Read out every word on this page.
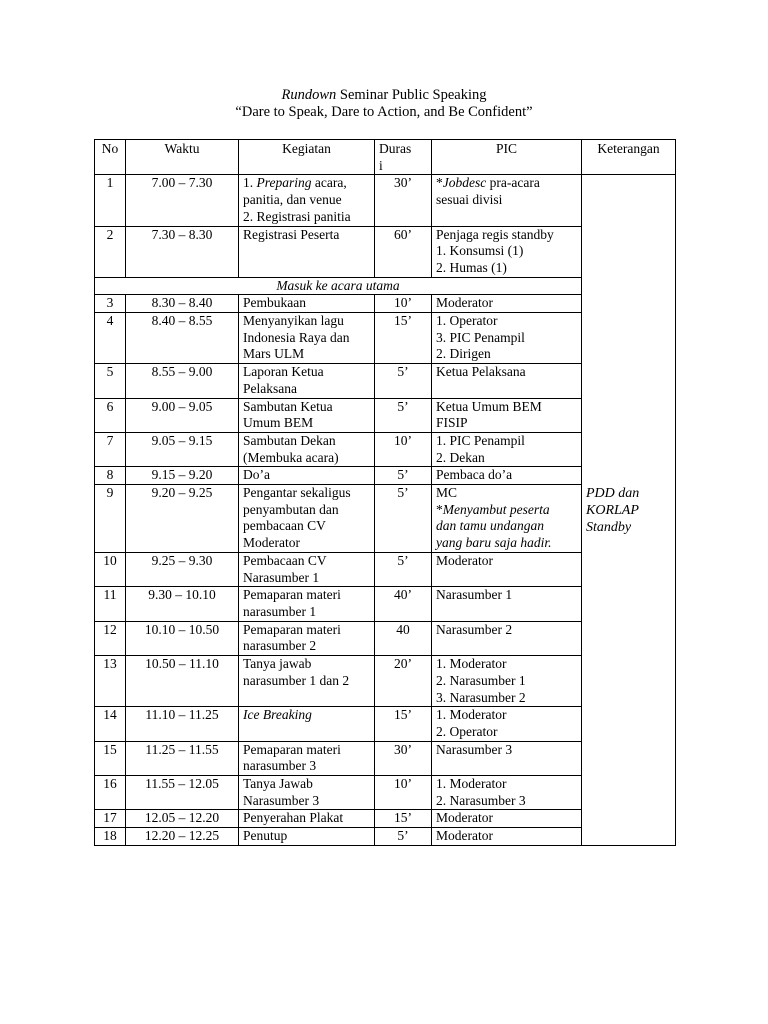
Rundown Seminar Public Speaking
“Dare to Speak, Dare to Action, and Be Confident”
No	Waktu	Kegiatan	Duras
i	PIC	Keterangan
1	7.00 – 7.30	1. Preparing acara,
panitia, dan venue
2. Registrasi panitia	30’	*Jobdesc pra-acara
sesuai divisi	PDD dan
KORLAP
Standby

2	7.30 – 8.30	Registrasi Peserta	60’	Penjaga regis standby
1. Konsumsi (1)
2. Humas (1)	

Masuk ke acara utama					
3	8.30 – 8.40	Pembukaan	10’	Moderator	
4	8.40 – 8.55	Menyanyikan lagu
Indonesia Raya dan
Mars ULM	15’	1. Operator
3. PIC Penampil
2. Dirigen	

5	8.55 – 9.00	Laporan Ketua
Pelaksana	5’	Ketua Pelaksana	
6	9.00 – 9.05	Sambutan Ketua
Umum BEM	5’	Ketua Umum BEM
FISIP	

7	9.05 – 9.15	Sambutan Dekan
(Membuka acara)	10’	1. PIC Penampil
2. Dekan	

8	9.15 – 9.20	Do’a	5’	Pembaca do’a	
9	9.20 – 9.25	Pengantar sekaligus
penyambutan dan
pembacaan CV
Moderator	5’	MC
*Menyambut peserta
dan tamu undangan
yang baru saja hadir.	

10	9.25 – 9.30	Pembacaan CV
Narasumber 1	5’	Moderator	
11	9.30 – 10.10	Pemaparan materi
narasumber 1	40’	Narasumber 1	
12	10.10 – 10.50	Pemaparan materi
narasumber 2	40	Narasumber 2	
13	10.50 – 11.10	Tanya jawab
narasumber 1 dan 2	20’	1. Moderator
2. Narasumber 1
3. Narasumber 2	

14	11.10 – 11.25	Ice Breaking	15’	1. Moderator
2. Operator	

15	11.25 – 11.55	Pemaparan materi
narasumber 3	30’	Narasumber 3	
16	11.55 – 12.05	Tanya Jawab
Narasumber 3	10’	1. Moderator
2. Narasumber 3	

17	12.05 – 12.20	Penyerahan Plakat	15’	Moderator	
18	12.20 – 12.25	Penutup	5’	Moderator	
